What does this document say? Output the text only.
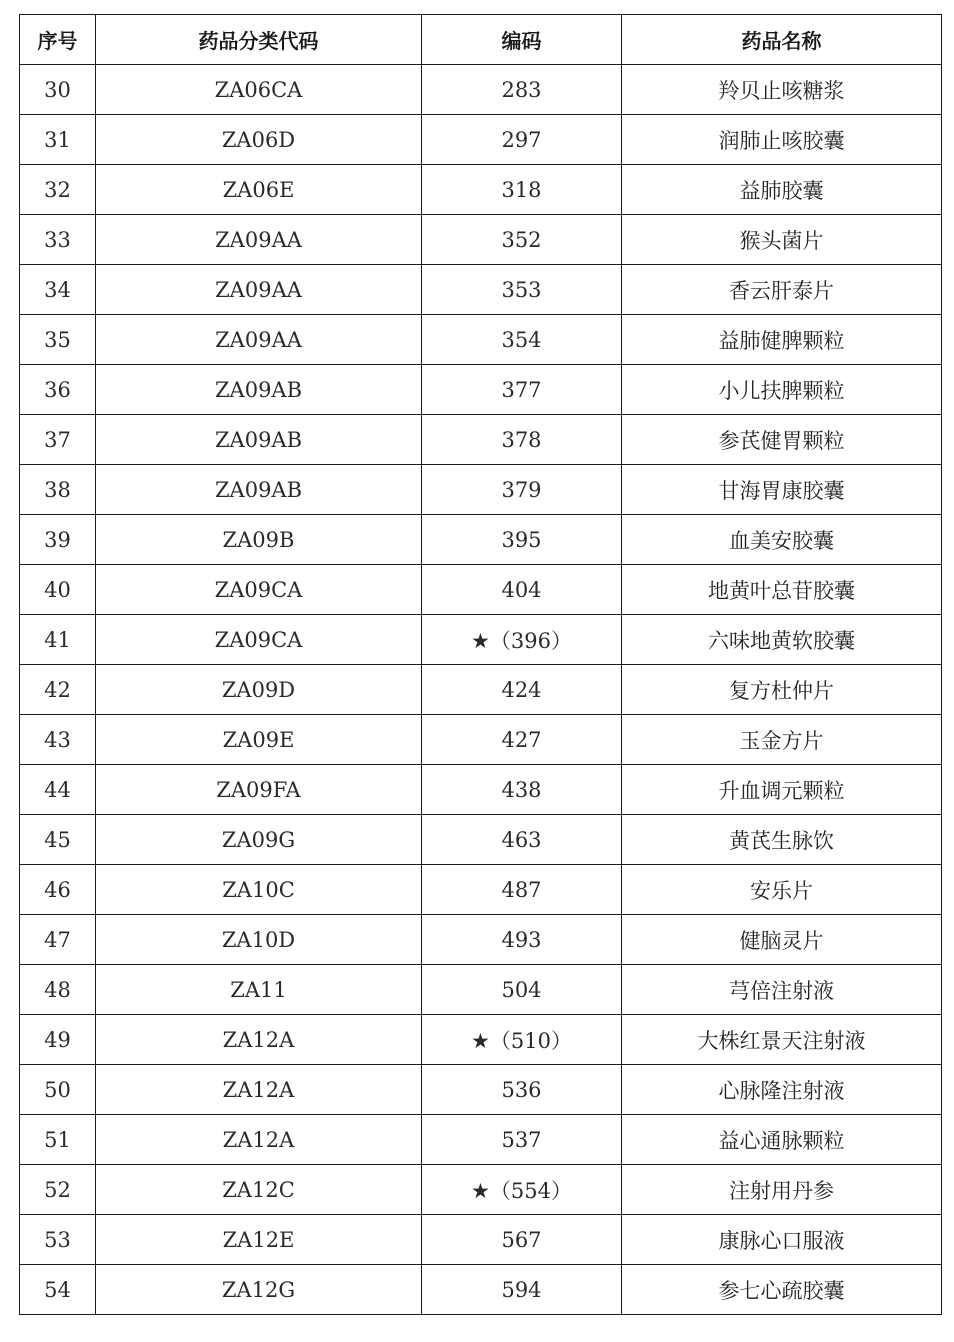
序号	药品分类代码	编码	药品名称
30	ZA06CA	283	羚贝止咳糖浆
31	ZA06D	297	润肺止咳胶囊
32	ZA06E	318	益肺胶囊
33	ZA09AA	352	猴头菌片
34	ZA09AA	353	香云肝泰片
35	ZA09AA	354	益肺健脾颗粒
36	ZA09AB	377	小儿扶脾颗粒
37	ZA09AB	378	参芪健胃颗粒
38	ZA09AB	379	甘海胃康胶囊
39	ZA09B	395	血美安胶囊
40	ZA09CA	404	地黄叶总苷胶囊
41	ZA09CA	★（396）	六味地黄软胶囊
42	ZA09D	424	复方杜仲片
43	ZA09E	427	玉金方片
44	ZA09FA	438	升血调元颗粒
45	ZA09G	463	黄芪生脉饮
46	ZA10C	487	安乐片
47	ZA10D	493	健脑灵片
48	ZA11	504	芎倍注射液
49	ZA12A	★（510）	大株红景天注射液
50	ZA12A	536	心脉隆注射液
51	ZA12A	537	益心通脉颗粒
52	ZA12C	★（554）	注射用丹参
53	ZA12E	567	康脉心口服液
54	ZA12G	594	参七心疏胶囊
